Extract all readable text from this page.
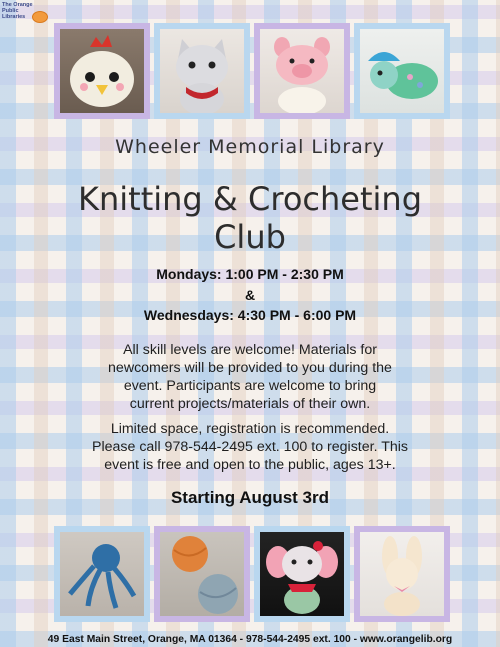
The Orange
Public
Libraries
Wheeler Memorial Library
Knitting & Crocheting
Club
Mondays: 1:00 PM - 2:30 PM
&
Wednesdays: 4:30 PM - 6:00 PM
All skill levels are welcome! Materials for
newcomers will be provided to you during the
event. Participants are welcome to bring
current projects/materials of their own.
Limited space, registration is recommended.
Please call 978-544-2495 ext. 100 to register. This
event is free and open to the public, ages 13+.
Starting August 3rd
49 East Main Street, Orange, MA 01364 - 978-544-2495 ext. 100 - www.orangelib.org
